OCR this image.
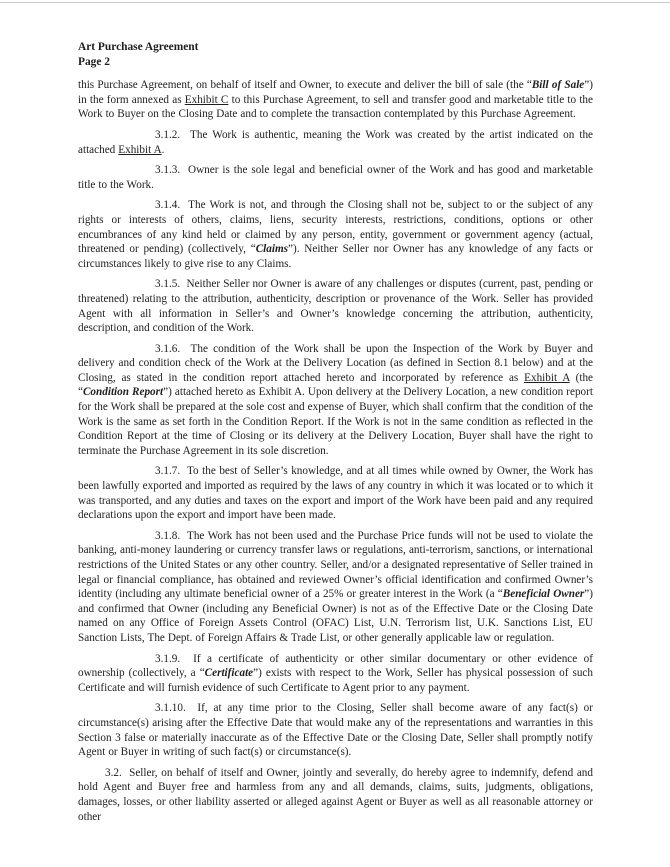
Art Purchase Agreement

Page 2

this Purchase Agreement, on behalf of itself and Owner, to execute and deliver the bill of sale (the “Bill of Sale”) in the form annexed as Exhibit C to this Purchase Agreement, to sell and transfer good and marketable title to the Work to Buyer on the Closing Date and to complete the transaction contemplated by this Purchase Agreement.

3.1.2.  The Work is authentic, meaning the Work was created by the artist indicated on the attached Exhibit A.

3.1.3.  Owner is the sole legal and beneficial owner of the Work and has good and marketable title to the Work.

3.1.4.  The Work is not, and through the Closing shall not be, subject to or the subject of any rights or interests of others, claims, liens, security interests, restrictions, conditions, options or other encumbrances of any kind held or claimed by any person, entity, government or government agency (actual, threatened or pending) (collectively, “Claims”). Neither Seller nor Owner has any knowledge of any facts or circumstances likely to give rise to any Claims.

3.1.5.  Neither Seller nor Owner is aware of any challenges or disputes (current, past, pending or threatened) relating to the attribution, authenticity, description or provenance of the Work. Seller has provided Agent with all information in Seller’s and Owner’s knowledge concerning the attribution, authenticity, description, and condition of the Work.

3.1.6.  The condition of the Work shall be upon the Inspection of the Work by Buyer and delivery and condition check of the Work at the Delivery Location (as defined in Section 8.1 below) and at the Closing, as stated in the condition report attached hereto and incorporated by reference as Exhibit A (the “Condition Report”) attached hereto as Exhibit A. Upon delivery at the Delivery Location, a new condition report for the Work shall be prepared at the sole cost and expense of Buyer, which shall confirm that the condition of the Work is the same as set forth in the Condition Report. If the Work is not in the same condition as reflected in the Condition Report at the time of Closing or its delivery at the Delivery Location, Buyer shall have the right to terminate the Purchase Agreement in its sole discretion.

3.1.7.  To the best of Seller’s knowledge, and at all times while owned by Owner, the Work has been lawfully exported and imported as required by the laws of any country in which it was located or to which it was transported, and any duties and taxes on the export and import of the Work have been paid and any required declarations upon the export and import have been made.

3.1.8.  The Work has not been used and the Purchase Price funds will not be used to violate the banking, anti-money laundering or currency transfer laws or regulations, anti-terrorism, sanctions, or international restrictions of the United States or any other country. Seller, and/or a designated representative of Seller trained in legal or financial compliance, has obtained and reviewed Owner’s official identification and confirmed Owner’s identity (including any ultimate beneficial owner of a 25% or greater interest in the Work (a “Beneficial Owner”) and confirmed that Owner (including any Beneficial Owner) is not as of the Effective Date or the Closing Date named on any Office of Foreign Assets Control (OFAC) List, U.N. Terrorism list, U.K. Sanctions List, EU Sanction Lists, The Dept. of Foreign Affairs & Trade List, or other generally applicable law or regulation.

3.1.9.  If a certificate of authenticity or other similar documentary or other evidence of ownership (collectively, a “Certificate”) exists with respect to the Work, Seller has physical possession of such Certificate and will furnish evidence of such Certificate to Agent prior to any payment.

3.1.10.  If, at any time prior to the Closing, Seller shall become aware of any fact(s) or circumstance(s) arising after the Effective Date that would make any of the representations and warranties in this Section 3 false or materially inaccurate as of the Effective Date or the Closing Date, Seller shall promptly notify Agent or Buyer in writing of such fact(s) or circumstance(s).

3.2.  Seller, on behalf of itself and Owner, jointly and severally, do hereby agree to indemnify, defend and hold Agent and Buyer free and harmless from any and all demands, claims, suits, judgments, obligations, damages, losses, or other liability asserted or alleged against Agent or Buyer as well as all reasonable attorney or other
